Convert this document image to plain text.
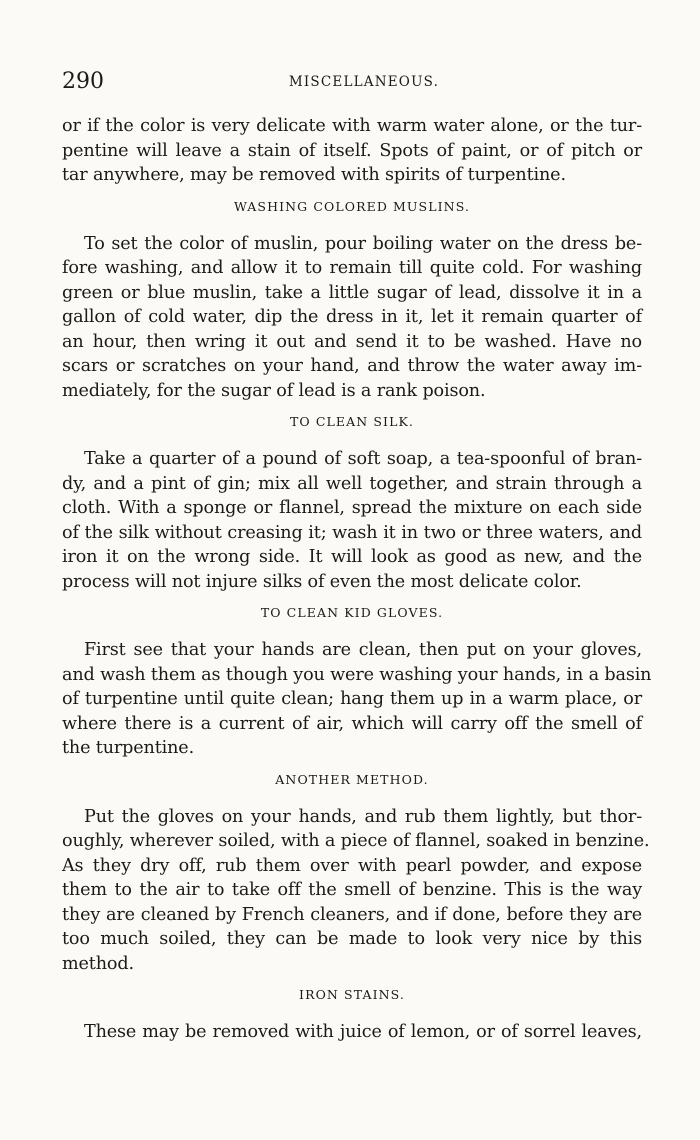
290	MISCELLANEOUS.
or if the color is very delicate with warm water alone, or the tur-
pentine will leave a stain of itself. Spots of paint, or of pitch or
tar anywhere, may be removed with spirits of turpentine.
WASHING COLORED MUSLINS.
To set the color of muslin, pour boiling water on the dress be-
fore washing, and allow it to remain till quite cold. For washing
green or blue muslin, take a little sugar of lead, dissolve it in a
gallon of cold water, dip the dress in it, let it remain quarter of
an hour, then wring it out and send it to be washed. Have no
scars or scratches on your hand, and throw the water away im-
mediately, for the sugar of lead is a rank poison.
TO CLEAN SILK.
Take a quarter of a pound of soft soap, a tea-spoonful of bran-
dy, and a pint of gin; mix all well together, and strain through a
cloth. With a sponge or flannel, spread the mixture on each side
of the silk without creasing it; wash it in two or three waters, and
iron it on the wrong side. It will look as good as new, and the
process will not injure silks of even the most delicate color.
TO CLEAN KID GLOVES.
First see that your hands are clean, then put on your gloves,
and wash them as though you were washing your hands, in a basin
of turpentine until quite clean; hang them up in a warm place, or
where there is a current of air, which will carry off the smell of
the turpentine.
ANOTHER METHOD.
Put the gloves on your hands, and rub them lightly, but thor-
oughly, wherever soiled, with a piece of flannel, soaked in benzine.
As they dry off, rub them over with pearl powder, and expose
them to the air to take off the smell of benzine. This is the way
they are cleaned by French cleaners, and if done, before they are
too much soiled, they can be made to look very nice by this
method.
IRON STAINS.
These may be removed with juice of lemon, or of sorrel leaves,
